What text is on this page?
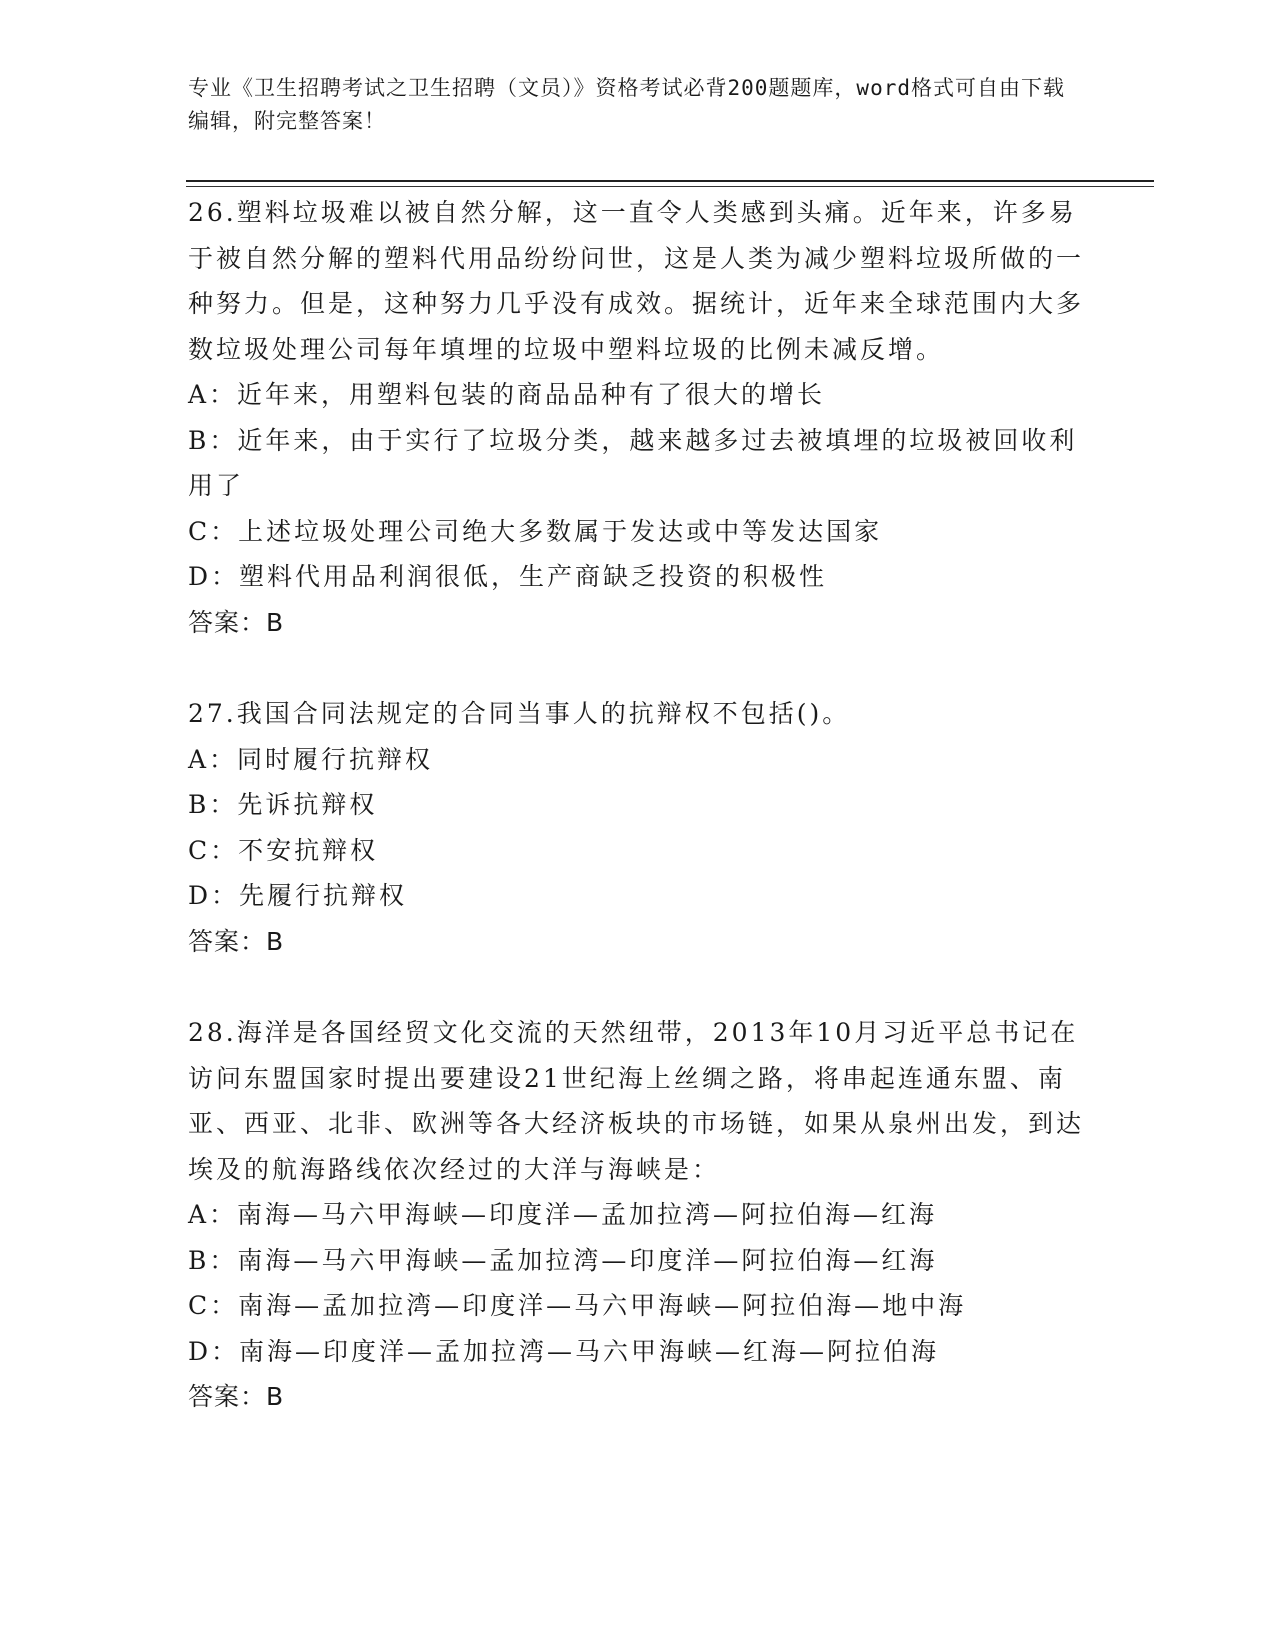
专业《卫生招聘考试之卫生招聘（文员）》资格考试必背200题题库，word格式可自由下载编辑，附完整答案！
26.塑料垃圾难以被自然分解，这一直令人类感到头痛。近年来，许多易于被自然分解的塑料代用品纷纷问世，这是人类为减少塑料垃圾所做的一种努力。但是，这种努力几乎没有成效。据统计，近年来全球范围内大多数垃圾处理公司每年填埋的垃圾中塑料垃圾的比例未减反增。
A：近年来，用塑料包装的商品品种有了很大的增长
B：近年来，由于实行了垃圾分类，越来越多过去被填埋的垃圾被回收利用了
C：上述垃圾处理公司绝大多数属于发达或中等发达国家
D：塑料代用品利润很低，生产商缺乏投资的积极性
答案：B
27.我国合同法规定的合同当事人的抗辩权不包括()。
A：同时履行抗辩权
B：先诉抗辩权
C：不安抗辩权
D：先履行抗辩权
答案：B
28.海洋是各国经贸文化交流的天然纽带，2013年10月习近平总书记在访问东盟国家时提出要建设21世纪海上丝绸之路，将串起连通东盟、南亚、西亚、北非、欧洲等各大经济板块的市场链，如果从泉州出发，到达埃及的航海路线依次经过的大洋与海峡是：
A：南海—马六甲海峡—印度洋—孟加拉湾—阿拉伯海—红海
B：南海—马六甲海峡—孟加拉湾—印度洋—阿拉伯海—红海
C：南海—孟加拉湾—印度洋—马六甲海峡—阿拉伯海—地中海
D：南海—印度洋—孟加拉湾—马六甲海峡—红海—阿拉伯海
答案：B
